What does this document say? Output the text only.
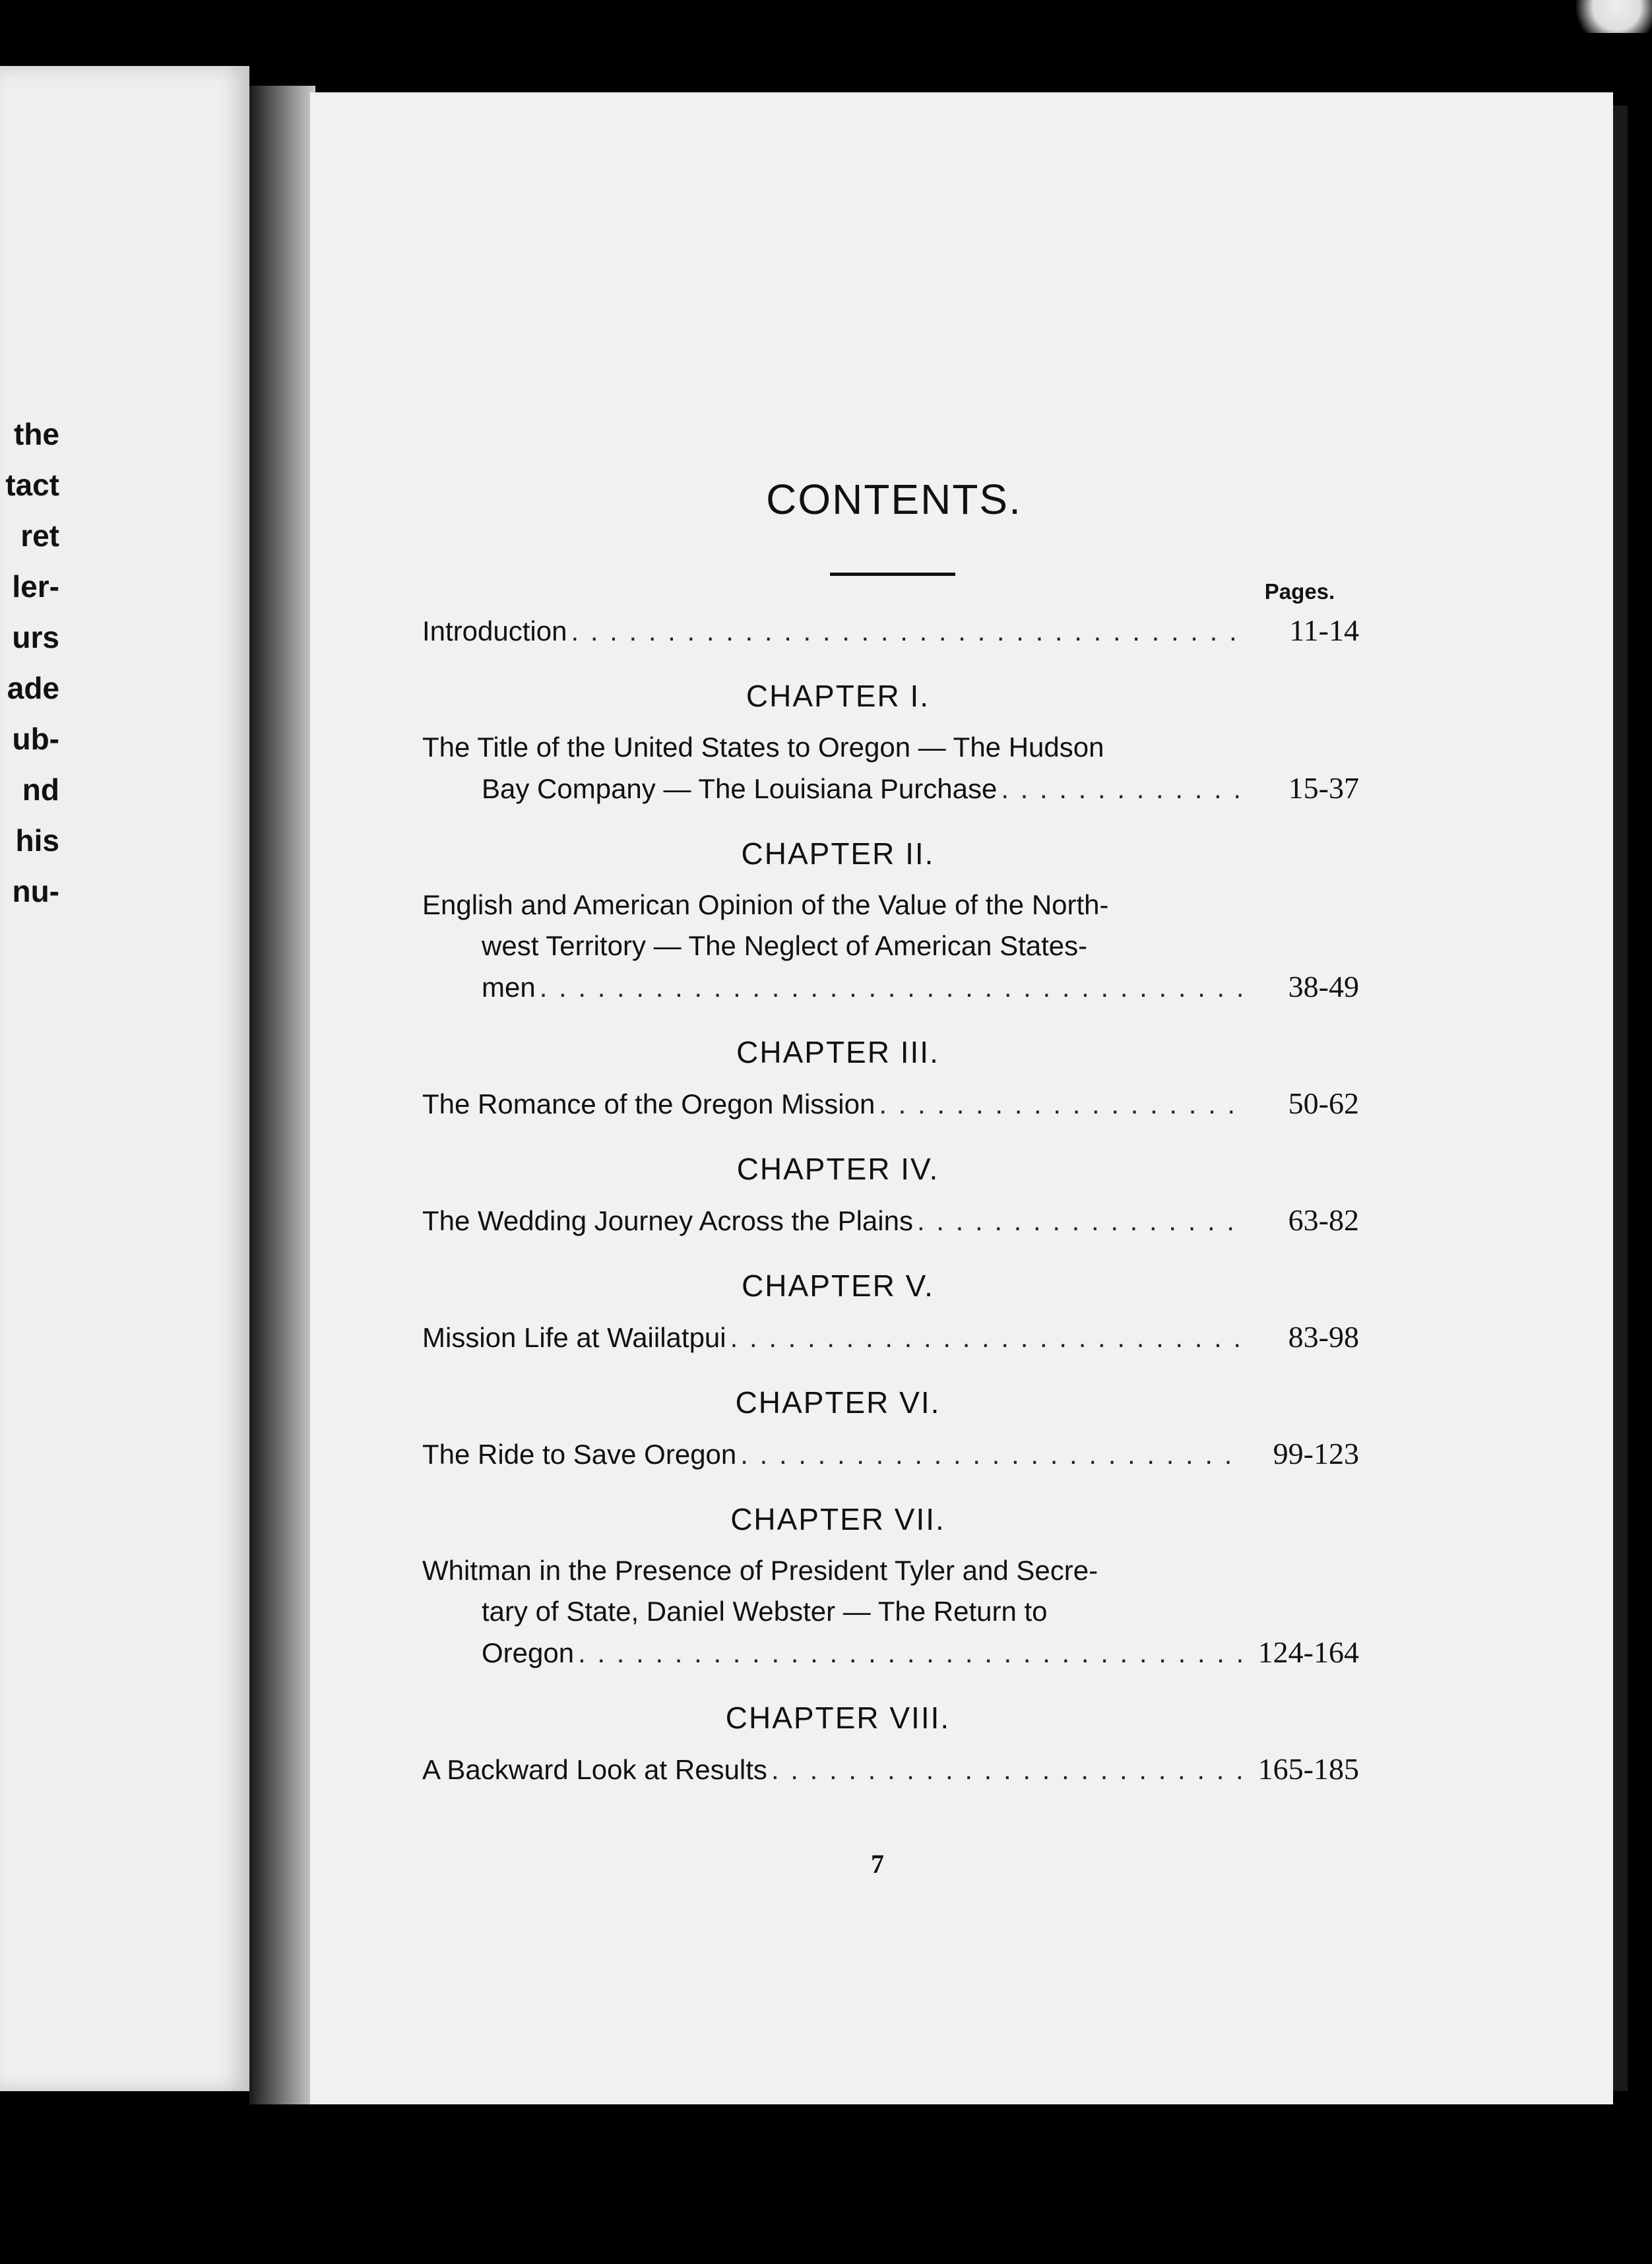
the
tact
ret
ler-
urs
ade
ub-
nd
his
nu-
CONTENTS.
Pages.
Introduction . . .	11-14
CHAPTER I.
The Title of the United States to Oregon — The Hudson
Bay Company — The Louisiana Purchase . . .	15-37
CHAPTER II.
English and American Opinion of the Value of the North-
west Territory — The Neglect of American States-
men . . .	38-49
CHAPTER III.
The Romance of the Oregon Mission . . .	50-62
CHAPTER IV.
The Wedding Journey Across the Plains . . .	63-82
CHAPTER V.
Mission Life at Waiilatpui . . .	83-98
CHAPTER VI.
The Ride to Save Oregon . . .	99-123
CHAPTER VII.
Whitman in the Presence of President Tyler and Secre-
tary of State, Daniel Webster — The Return to
Oregon . . .	124-164
CHAPTER VIII.
A Backward Look at Results . . .	165-185
7
